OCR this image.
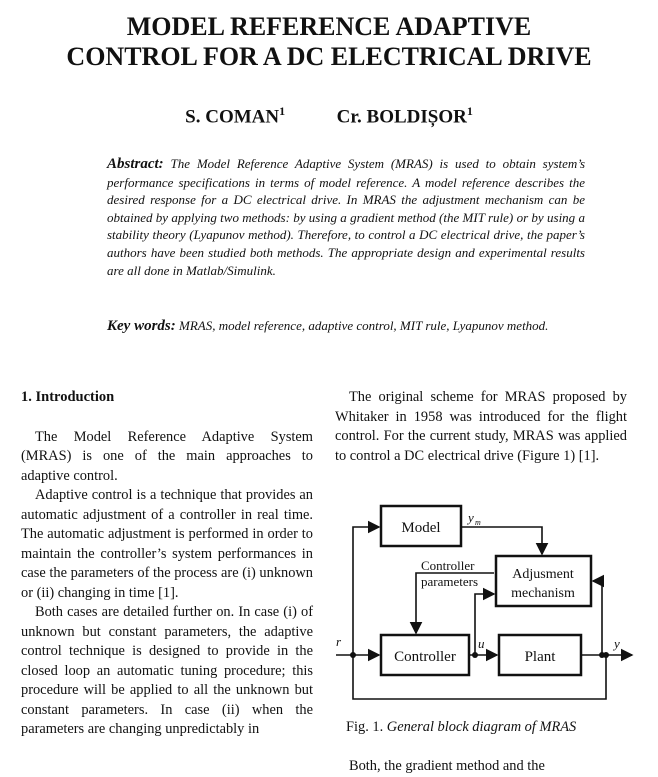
MODEL REFERENCE ADAPTIVE
CONTROL FOR A DC ELECTRICAL DRIVE
S. COMAN$^1$	Cr. BOLDIȘOR$^1$
Abstract: The Model Reference Adaptive System (MRAS) is used to obtain system’s performance specifications in terms of model reference. A model reference describes the desired response for a DC electrical drive. In MRAS the adjustment mechanism can be obtained by applying two methods: by using a gradient method (the MIT rule) or by using a stability theory (Lyapunov method). Therefore, to control a DC electrical drive, the paper’s authors have been studied both methods. The appropriate design and experimental results are all done in Matlab/Simulink.
Key words: MRAS, model reference, adaptive control, MIT rule, Lyapunov method.
1. Introduction

The Model Reference Adaptive System (MRAS) is one of the main approaches to adaptive control.

Adaptive control is a technique that provides an automatic adjustment of a controller in real time. The automatic adjustment is performed in order to maintain the controller’s system performances in case the parameters of the process are (i) unknown or (ii) changing in time [1].

Both cases are detailed further on. In case (i) of unknown but constant parameters, the adaptive control technique is designed to provide in the closed loop an automatic tuning procedure; this procedure will be applied to all the unknown but constant parameters. In case (ii) when the parameters are changing unpredictably in

The original scheme for MRAS proposed by Whitaker in 1958 was introduced for the flight control. For the current study, MRAS was applied to control a DC electrical drive (Figure 1) [1].

Model
Adjusment
mechanism
Controller	Plant
y m
r	u	y
Controller
parameters
Fig. 1. General block diagram of MRAS

Both, the gradient method and the
